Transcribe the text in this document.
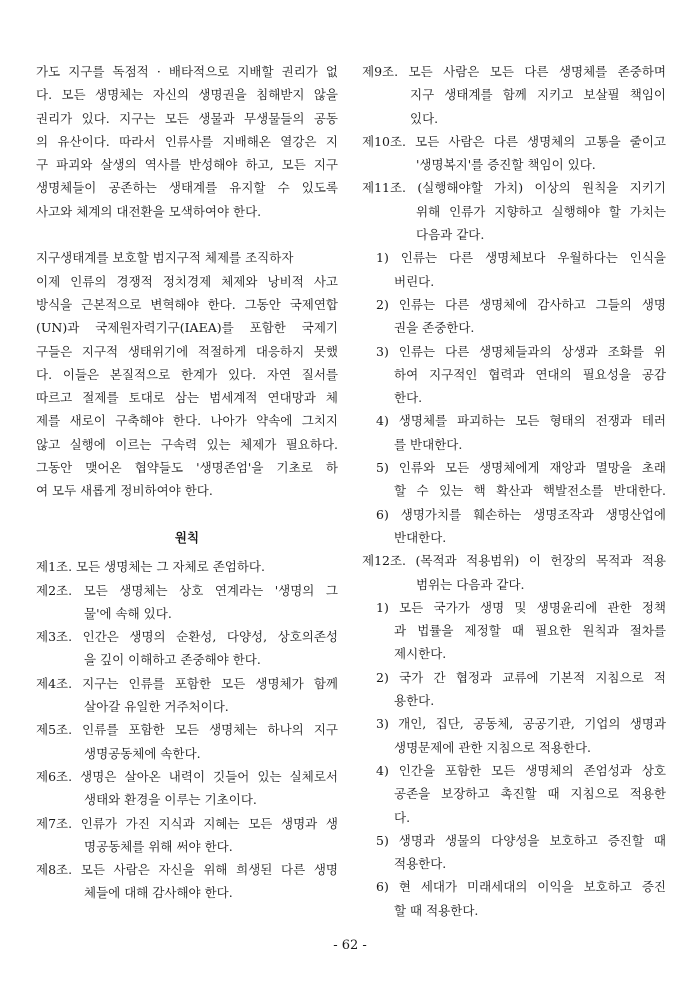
가도 지구를 독점적 · 배타적으로 지배할 권리가 없
다. 모든 생명체는 자신의 생명권을 침해받지 않을
권리가 있다. 지구는 모든 생물과 무생물들의 공동
의 유산이다. 따라서 인류사를 지배해온 열강은 지
구 파괴와 살생의 역사를 반성해야 하고, 모든 지구
생명체들이 공존하는 생태계를 유지할 수 있도록
사고와 체계의 대전환을 모색하여야 한다.
지구생태계를 보호할 범지구적 체제를 조직하자
이제 인류의 경쟁적 정치경제 체제와 낭비적 사고
방식을 근본적으로 변혁해야 한다. 그동안 국제연합
(UN)과 국제원자력기구(IAEA)를 포함한 국제기
구들은 지구적 생태위기에 적절하게 대응하지 못했
다. 이들은 본질적으로 한계가 있다. 자연 질서를
따르고 절제를 토대로 삼는 범세계적 연대망과 체
제를 새로이 구축해야 한다. 나아가 약속에 그치지
않고 실행에 이르는 구속력 있는 체제가 필요하다.
그동안 맺어온 협약들도 '생명존엄'을 기초로 하
여 모두 새롭게 정비하여야 한다.
원칙
제1조. 모든 생명체는 그 자체로 존엄하다.
제2조. 모든 생명체는 상호 연계라는 '생명의 그
물'에 속해 있다.
제3조. 인간은 생명의 순환성, 다양성, 상호의존성
을 깊이 이해하고 존중해야 한다.
제4조. 지구는 인류를 포함한 모든 생명체가 함께
살아갈 유일한 거주처이다.
제5조. 인류를 포함한 모든 생명체는 하나의 지구
생명공동체에 속한다.
제6조. 생명은 살아온 내력이 깃들어 있는 실체로서
생태와 환경을 이루는 기초이다.
제7조. 인류가 가진 지식과 지혜는 모든 생명과 생
명공동체를 위해 써야 한다.
제8조. 모든 사람은 자신을 위해 희생된 다른 생명
체들에 대해 감사해야 한다.
제9조. 모든 사람은 모든 다른 생명체를 존중하며
지구 생태계를 함께 지키고 보살필 책임이
있다.
제10조. 모든 사람은 다른 생명체의 고통을 줄이고
'생명복지'를 증진할 책임이 있다.
제11조. (실행해야할 가치) 이상의 원칙을 지키기
위해 인류가 지향하고 실행해야 할 가치는
다음과 같다.
1) 인류는 다른 생명체보다 우월하다는 인식을
버린다.
2) 인류는 다른 생명체에 감사하고 그들의 생명
권을 존중한다.
3) 인류는 다른 생명체들과의 상생과 조화를 위
하여 지구적인 협력과 연대의 필요성을 공감
한다.
4) 생명체를 파괴하는 모든 형태의 전쟁과 테러
를 반대한다.
5) 인류와 모든 생명체에게 재앙과 멸망을 초래
할 수 있는 핵 확산과 핵발전소를 반대한다.
6) 생명가치를 훼손하는 생명조작과 생명산업에
반대한다.
제12조. (목적과 적용범위) 이 헌장의 목적과 적용
범위는 다음과 같다.
1) 모든 국가가 생명 및 생명윤리에 관한 정책
과 법률을 제정할 때 필요한 원칙과 절차를
제시한다.
2) 국가 간 협정과 교류에 기본적 지침으로 적
용한다.
3) 개인, 집단, 공동체, 공공기관, 기업의 생명과
생명문제에 관한 지침으로 적용한다.
4) 인간을 포함한 모든 생명체의 존엄성과 상호
공존을 보장하고 촉진할 때 지침으로 적용한
다.
5) 생명과 생물의 다양성을 보호하고 증진할 때
적용한다.
6) 현 세대가 미래세대의 이익을 보호하고 증진
할 때 적용한다.
- 62 -
